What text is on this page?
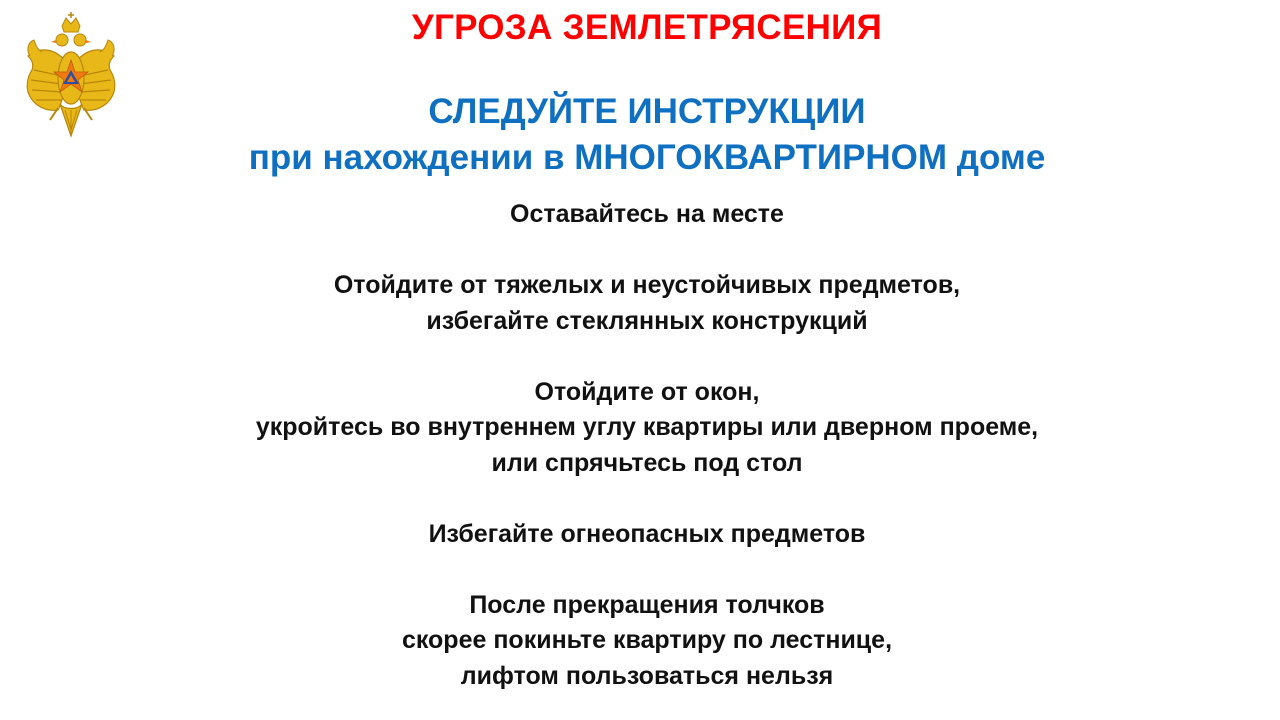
УГРОЗА ЗЕМЛЕТРЯСЕНИЯ
СЛЕДУЙТЕ ИНСТРУКЦИИ
при нахождении в МНОГОКВАРТИРНОМ доме
Оставайтесь на месте
Отойдите от тяжелых и неустойчивых предметов,
избегайте стеклянных конструкций
Отойдите от окон,
укройтесь во внутреннем углу квартиры или дверном проеме,
или спрячьтесь под стол
Избегайте огнеопасных предметов
После прекращения толчков
скорее покиньте квартиру по лестнице,
лифтом пользоваться нельзя
